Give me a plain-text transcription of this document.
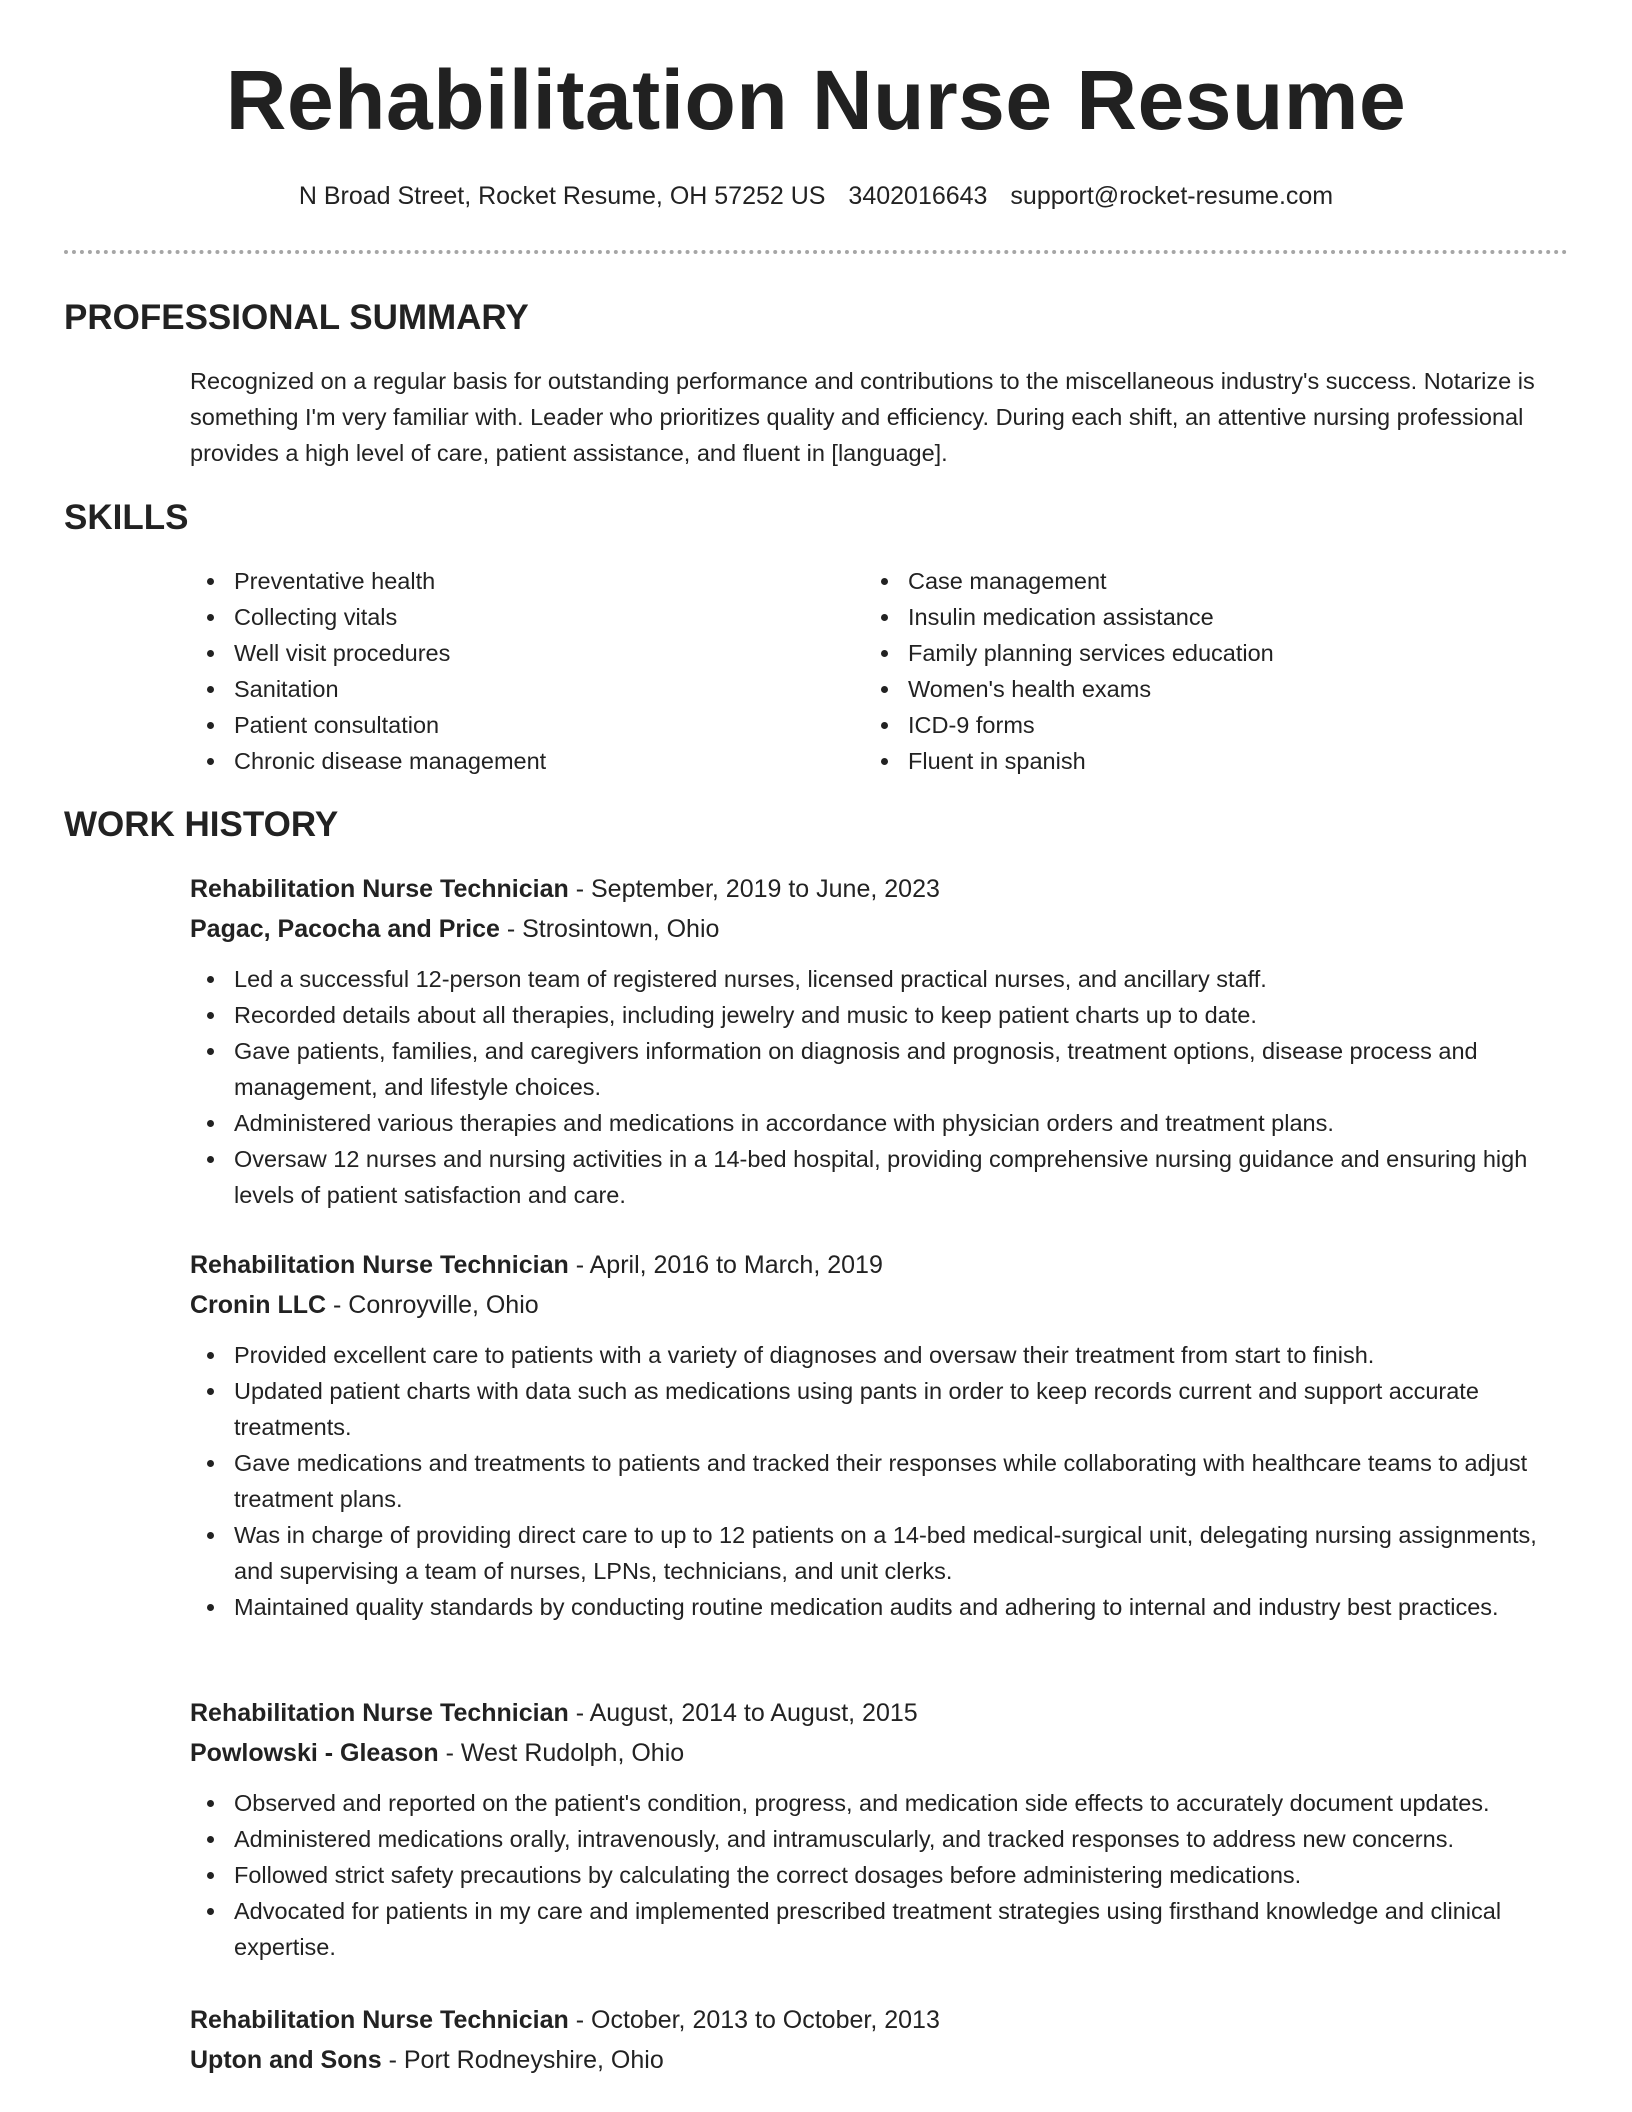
Rehabilitation Nurse Resume
N Broad Street, Rocket Resume, OH 57252 US 3402016643 support@rocket-resume.com
PROFESSIONAL SUMMARY

Recognized on a regular basis for outstanding performance and contributions to the miscellaneous industry's success. Notarize is something I'm very familiar with. Leader who prioritizes quality and efficiency. During each shift, an attentive nursing professional provides a high level of care, patient assistance, and fluent in [language].

SKILLS
Preventative health
Collecting vitals
Well visit procedures
Sanitation
Patient consultation
Chronic disease management
Case management
Insulin medication assistance
Family planning services education
Women's health exams
ICD-9 forms
Fluent in spanish
WORK HISTORY
Rehabilitation Nurse Technician - September, 2019 to June, 2023
Pagac, Pacocha and Price - Strosintown, Ohio
Led a successful 12-person team of registered nurses, licensed practical nurses, and ancillary staff.
Recorded details about all therapies, including jewelry and music to keep patient charts up to date.
Gave patients, families, and caregivers information on diagnosis and prognosis, treatment options, disease process and management, and lifestyle choices.
Administered various therapies and medications in accordance with physician orders and treatment plans.
Oversaw 12 nurses and nursing activities in a 14-bed hospital, providing comprehensive nursing guidance and ensuring high levels of patient satisfaction and care.
Rehabilitation Nurse Technician - April, 2016 to March, 2019
Cronin LLC - Conroyville, Ohio
Provided excellent care to patients with a variety of diagnoses and oversaw their treatment from start to finish.
Updated patient charts with data such as medications using pants in order to keep records current and support accurate treatments.
Gave medications and treatments to patients and tracked their responses while collaborating with healthcare teams to adjust treatment plans.
Was in charge of providing direct care to up to 12 patients on a 14-bed medical-surgical unit, delegating nursing assignments, and supervising a team of nurses, LPNs, technicians, and unit clerks.
Maintained quality standards by conducting routine medication audits and adhering to internal and industry best practices.
Rehabilitation Nurse Technician - August, 2014 to August, 2015
Powlowski - Gleason - West Rudolph, Ohio
Observed and reported on the patient's condition, progress, and medication side effects to accurately document updates.
Administered medications orally, intravenously, and intramuscularly, and tracked responses to address new concerns.
Followed strict safety precautions by calculating the correct dosages before administering medications.
Advocated for patients in my care and implemented prescribed treatment strategies using firsthand knowledge and clinical expertise.
Rehabilitation Nurse Technician - October, 2013 to October, 2013
Upton and Sons - Port Rodneyshire, Ohio
